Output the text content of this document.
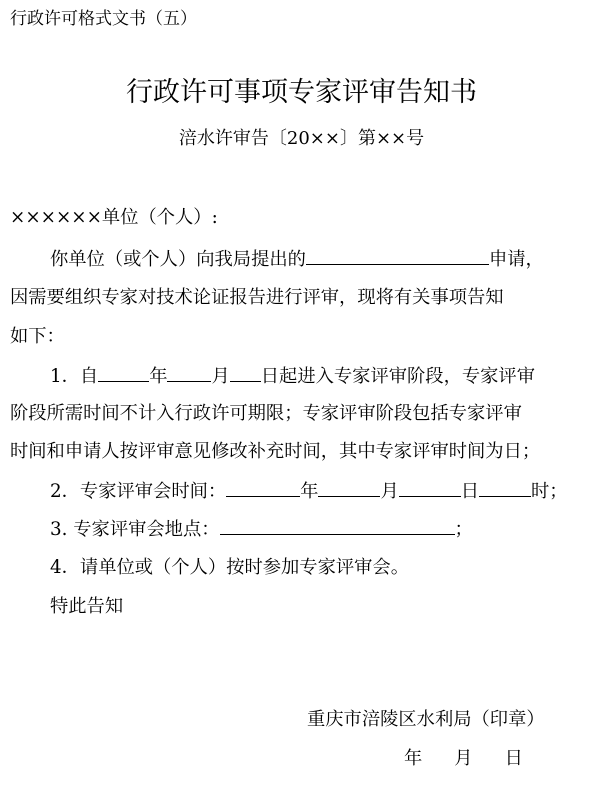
行政许可格式文书（五）
行政许可事项专家评审告知书
涪水许审告〔20××〕第××号
××××××单位（个人）:
你单位（或个人）向我局提出的	申请，
因需要组织专家对技术论证报告进行评审，现将有关事项告知
如下：
1．自	年 月 日起进入专家评审阶段，专家评审
阶段所需时间不计入行政许可期限；专家评审阶段包括专家评审
时间和申请人按评审意见修改补充时间，其中专家评审时间为日；
2．专家评审会时间：	年	月	日	时；
3. 专家评审会地点：	；
4．请单位或（个人）按时参加专家评审会。
特此告知
重庆市涪陵区水利局（印章）
年 月 日
